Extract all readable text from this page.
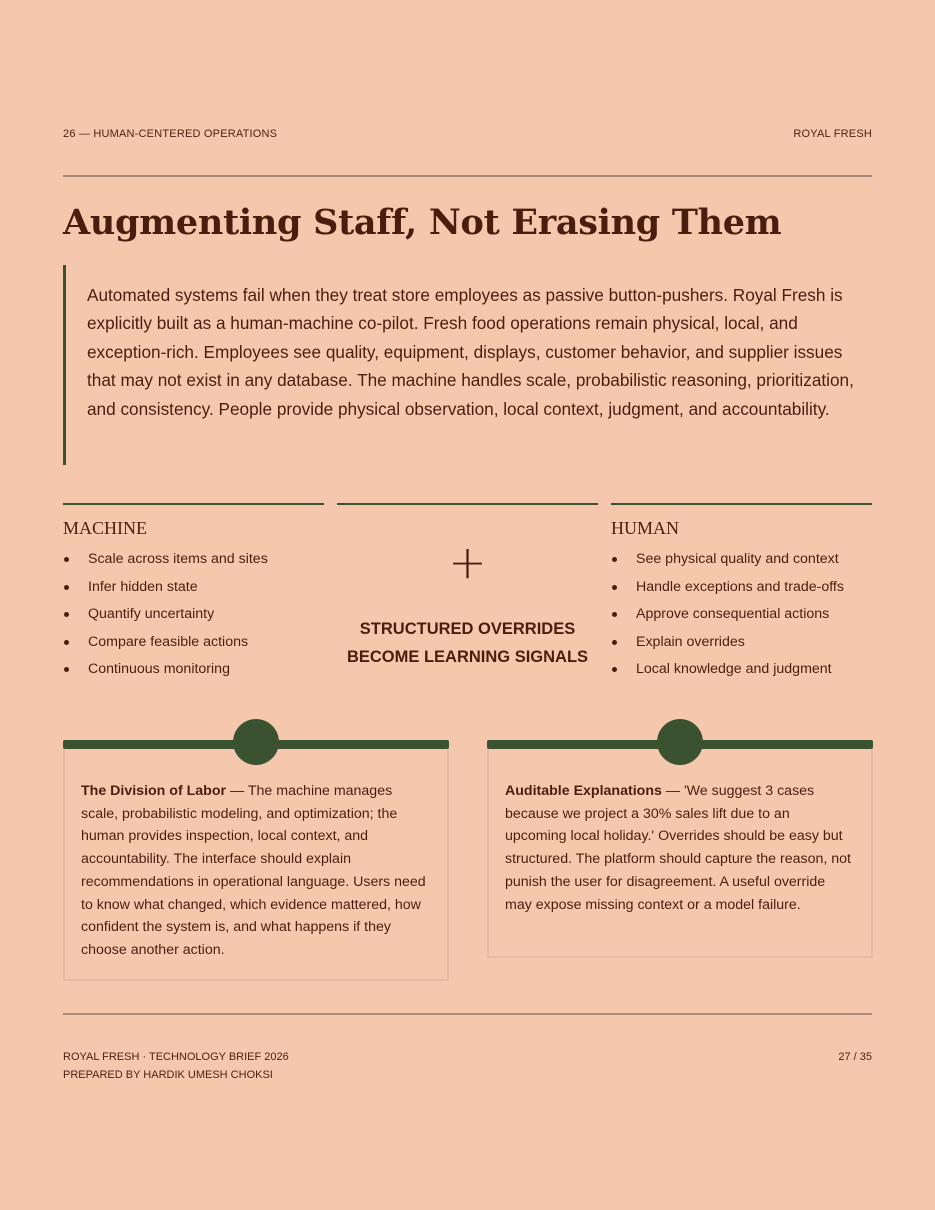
26 — HUMAN-CENTERED OPERATIONS	ROYAL FRESH
Augmenting Staff, Not Erasing Them

Automated systems fail when they treat store employees as passive button-pushers. Royal Fresh is explicitly built as a human-machine co-pilot. Fresh food operations remain physical, local, and exception-rich. Employees see quality, equipment, displays, customer behavior, and supplier issues that may not exist in any database. The machine handles scale, probabilistic reasoning, prioritization, and consistency. People provide physical observation, local context, judgment, and accountability.

MACHINE
Scale across items and sites
Infer hidden state
Quantify uncertainty
Compare feasible actions
Continuous monitoring
+
STRUCTURED OVERRIDES
BECOME LEARNING SIGNALS
HUMAN
See physical quality and context
Handle exceptions and trade-offs
Approve consequential actions
Explain overrides
Local knowledge and judgment

The Division of Labor — The machine manages scale, probabilistic modeling, and optimization; the human provides inspection, local context, and accountability. The interface should explain recommendations in operational language. Users need to know what changed, which evidence mattered, how confident the system is, and what happens if they choose another action.

Auditable Explanations — 'We suggest 3 cases because we project a 30% sales lift due to an upcoming local holiday.' Overrides should be easy but structured. The platform should capture the reason, not punish the user for disagreement. A useful override may expose missing context or a model failure.

ROYAL FRESH · TECHNOLOGY BRIEF 2026
PREPARED BY HARDIK UMESH CHOKSI
27 / 35
